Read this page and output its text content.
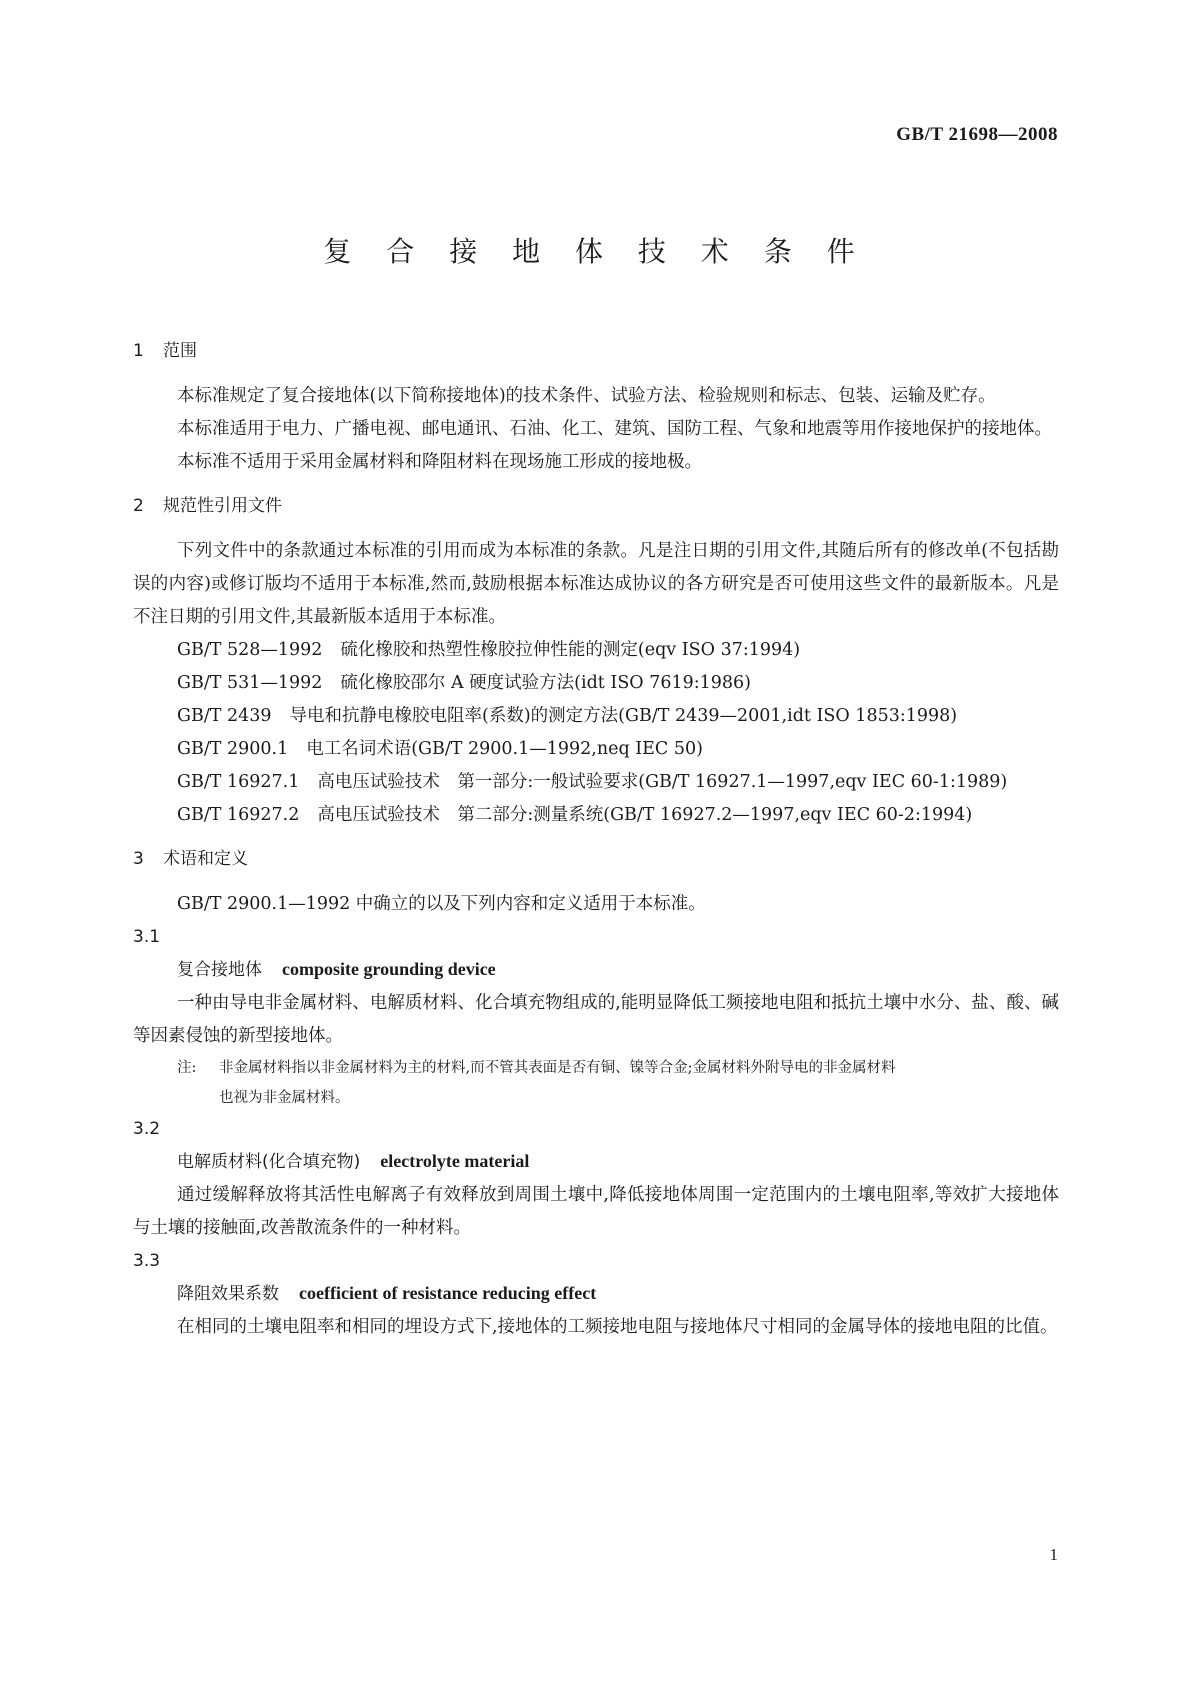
GB/T 21698—2008
复 合 接 地 体 技 术 条 件
1 范围

本标准规定了复合接地体(以下简称接地体)的技术条件、试验方法、检验规则和标志、包装、运输及贮存。

本标准适用于电力、广播电视、邮电通讯、石油、化工、建筑、国防工程、气象和地震等用作接地保护的接地体。

本标准不适用于采用金属材料和降阻材料在现场施工形成的接地极。

2 规范性引用文件

下列文件中的条款通过本标准的引用而成为本标准的条款。凡是注日期的引用文件,其随后所有的修改单(不包括勘误的内容)或修订版均不适用于本标准,然而,鼓励根据本标准达成协议的各方研究是否可使用这些文件的最新版本。凡是不注日期的引用文件,其最新版本适用于本标准。

GB/T 528—1992 硫化橡胶和热塑性橡胶拉伸性能的测定(eqv ISO 37:1994)

GB/T 531—1992 硫化橡胶邵尔 A 硬度试验方法(idt ISO 7619:1986)

GB/T 2439 导电和抗静电橡胶电阻率(系数)的测定方法(GB/T 2439—2001,idt ISO 1853:1998)

GB/T 2900.1 电工名词术语(GB/T 2900.1—1992,neq IEC 50)

GB/T 16927.1 高电压试验技术　第一部分:一般试验要求(GB/T 16927.1—1997,eqv IEC 60-1:1989)

GB/T 16927.2 高电压试验技术　第二部分:测量系统(GB/T 16927.2—1997,eqv IEC 60-2:1994)

3 术语和定义

GB/T 2900.1—1992 中确立的以及下列内容和定义适用于本标准。

3.1
复合接地体 composite grounding device

一种由导电非金属材料、电解质材料、化合填充物组成的,能明显降低工频接地电阻和抵抗土壤中水分、盐、酸、碱等因素侵蚀的新型接地体。

注: 非金属材料指以非金属材料为主的材料,而不管其表面是否有铜、镍等合金;金属材料外附导电的非金属材料
也视为非金属材料。
3.2
电解质材料(化合填充物) electrolyte material

通过缓解释放将其活性电解离子有效释放到周围土壤中,降低接地体周围一定范围内的土壤电阻率,等效扩大接地体与土壤的接触面,改善散流条件的一种材料。

3.3
降阻效果系数 coefficient of resistance reducing effect

在相同的土壤电阻率和相同的埋设方式下,接地体的工频接地电阻与接地体尺寸相同的金属导体的接地电阻的比值。

1
